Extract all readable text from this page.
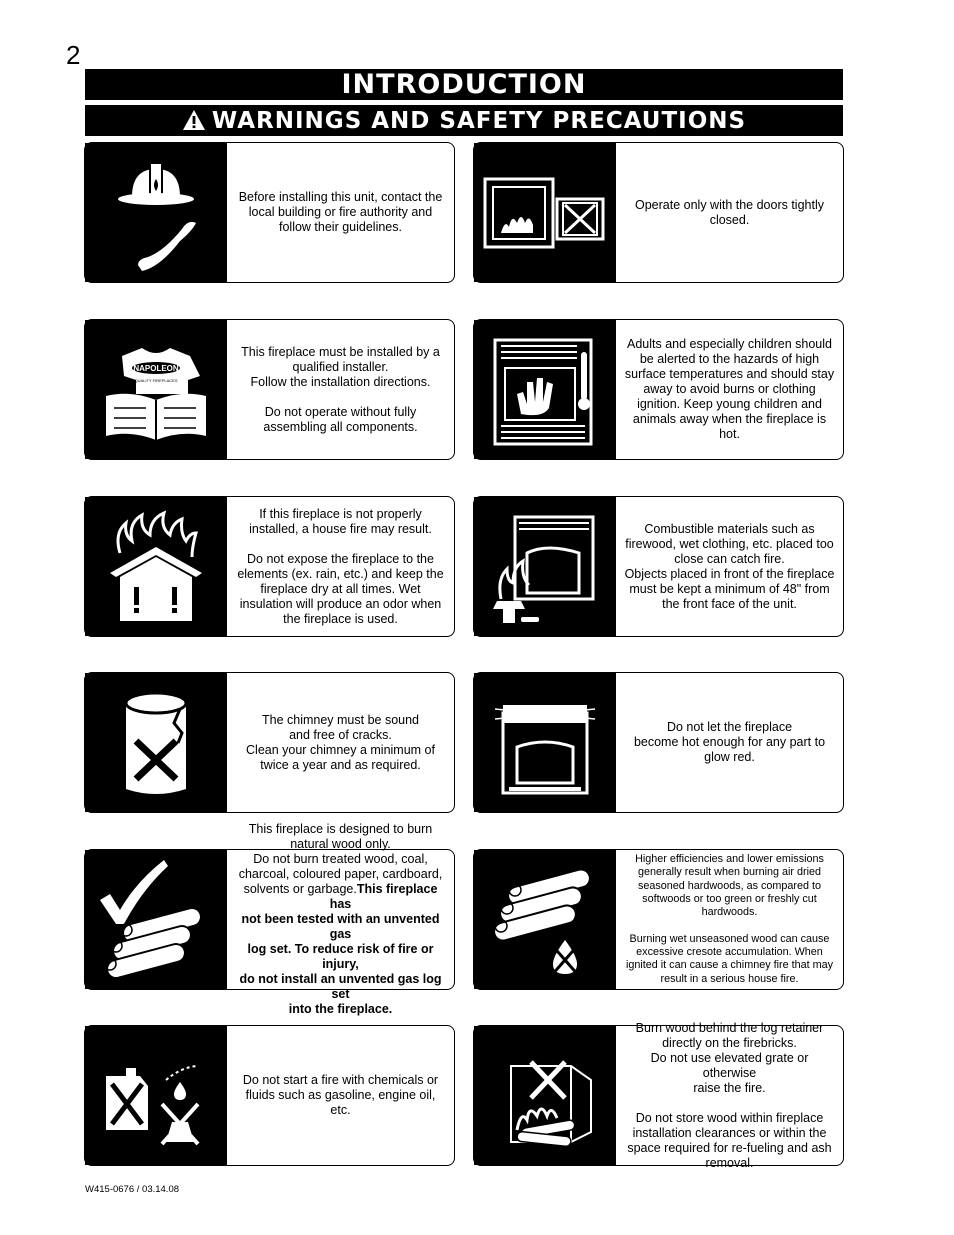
2
INTRODUCTION
WARNINGS AND SAFETY PRECAUTIONS
Before installing this unit, contact the
local building or fire authority and
follow their guidelines.
Operate only with the doors tightly
closed.
NAPOLEON
QUALITY FIREPLACES
This fireplace must be installed by a
qualified installer.
Follow the installation directions.

Do not operate without fully
assembling all components.
Adults and especially children should
be alerted to the hazards of high
surface temperatures and should stay
away to avoid burns or clothing
ignition. Keep young children and
animals away when the fireplace is
hot.
If this fireplace is not properly
installed, a house fire may result.

Do not expose the fireplace to the
elements (ex. rain, etc.) and keep the
fireplace dry at all times. Wet
insulation will produce an odor when
the fireplace is used.
Combustible materials such as
firewood, wet clothing, etc. placed too
close can catch fire.
Objects placed in front of the fireplace
must be kept a minimum of 48" from
the front face of the unit.
The chimney must be sound
and free of cracks.
Clean your chimney a minimum of
twice a year and as required.
Do not let the fireplace
become hot enough for any part to
glow red.
This fireplace is designed to burn
natural wood only.
Do not burn treated wood, coal,
charcoal, coloured paper, cardboard,
solvents or garbage.This fireplace has
not been tested with an unvented gas
log set. To reduce risk of fire or injury,
do not install an unvented gas log set
into the fireplace.
Higher efficiencies and lower emissions
generally result when burning air dried
seasoned hardwoods, as compared to
softwoods or too green or freshly cut
hardwoods.

Burning wet unseasoned wood can cause
excessive cresote accumulation. When
ignited it can cause a chimney fire that may
result in a serious house fire.
Do not start a fire with chemicals or
fluids such as gasoline, engine oil, etc.
Burn wood behind the log retainer
directly on the firebricks.
Do not use elevated grate or otherwise
raise the fire.

Do not store wood within fireplace
installation clearances or within the
space required for re-fueling and ash
removal.
W415-0676 / 03.14.08
